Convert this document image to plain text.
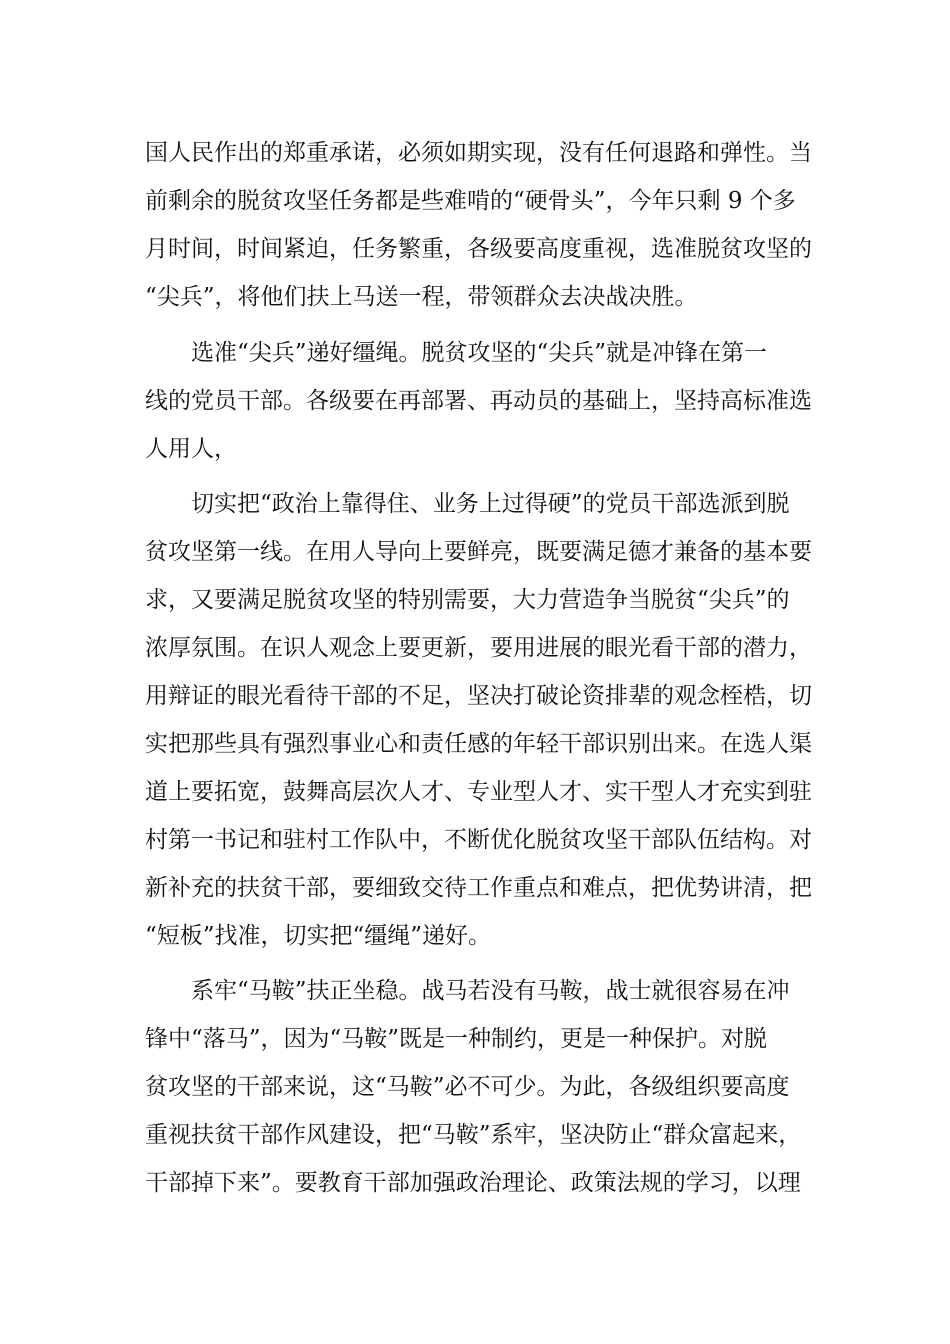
国人民作出的郑重承诺，必须如期实现，没有任何退路和弹性。当
前剩余的脱贫攻坚任务都是些难啃的“硬骨头”，今年只剩 9 个多
月时间，时间紧迫，任务繁重，各级要高度重视，选准脱贫攻坚的
“尖兵”，将他们扶上马送一程，带领群众去决战决胜。
选准“尖兵”递好缰绳。脱贫攻坚的“尖兵”就是冲锋在第一
线的党员干部。各级要在再部署、再动员的基础上，坚持高标准选
人用人，
切实把“政治上靠得住、业务上过得硬”的党员干部选派到脱
贫攻坚第一线。在用人导向上要鲜亮，既要满足德才兼备的基本要
求，又要满足脱贫攻坚的特别需要，大力营造争当脱贫“尖兵”的
浓厚氛围。在识人观念上要更新，要用进展的眼光看干部的潜力，
用辩证的眼光看待干部的不足，坚决打破论资排辈的观念桎梏，切
实把那些具有强烈事业心和责任感的年轻干部识别出来。在选人渠
道上要拓宽，鼓舞高层次人才、专业型人才、实干型人才充实到驻
村第一书记和驻村工作队中，不断优化脱贫攻坚干部队伍结构。对
新补充的扶贫干部，要细致交待工作重点和难点，把优势讲清，把
“短板”找准，切实把“缰绳”递好。
系牢“马鞍”扶正坐稳。战马若没有马鞍，战士就很容易在冲
锋中“落马”，因为“马鞍”既是一种制约，更是一种保护。对脱
贫攻坚的干部来说，这“马鞍”必不可少。为此，各级组织要高度
重视扶贫干部作风建设，把“马鞍”系牢，坚决防止“群众富起来，
干部掉下来”。要教育干部加强政治理论、政策法规的学习，以理
